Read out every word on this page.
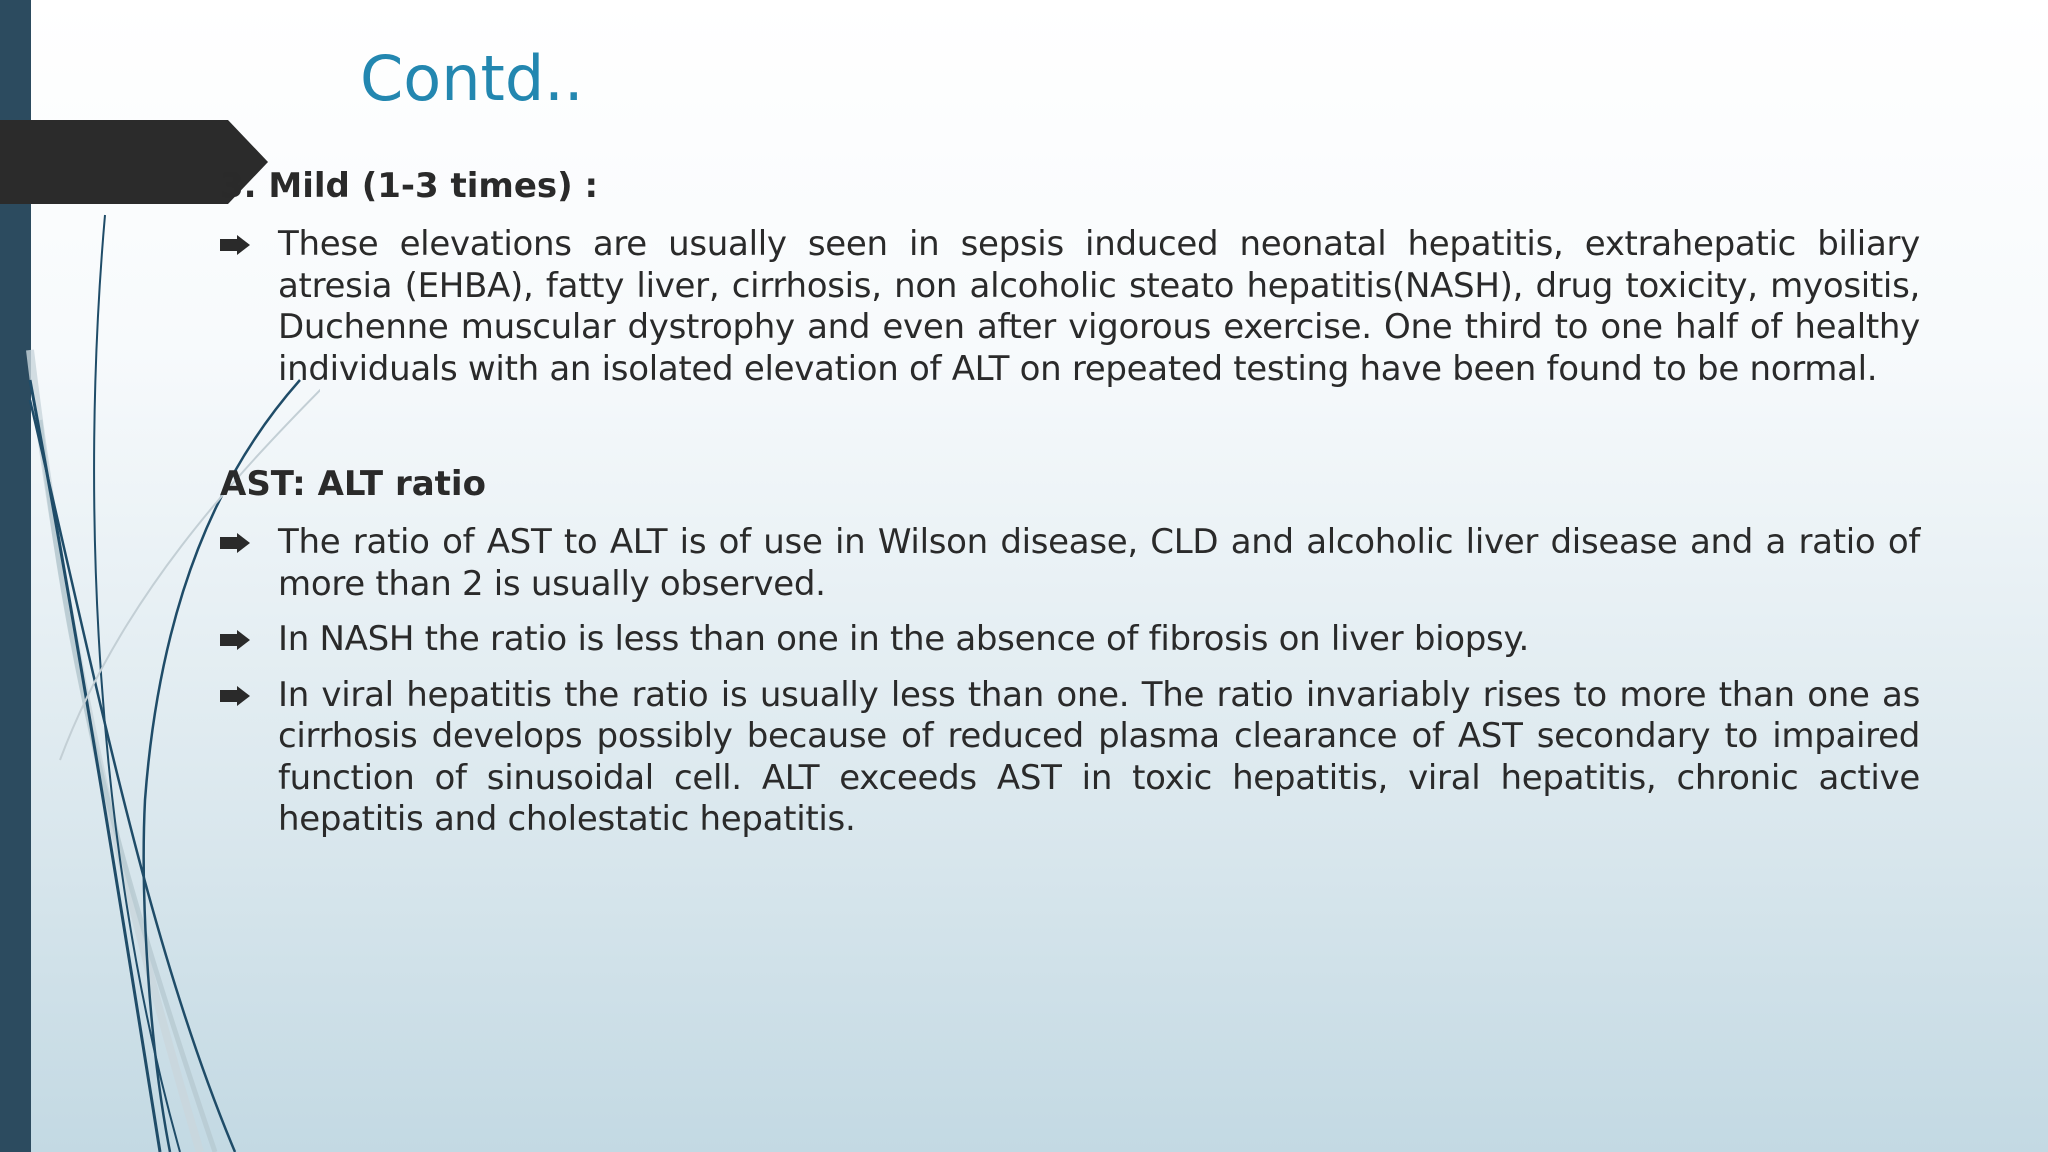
Contd..

3. Mild (1-3 times) :

These elevations are usually seen in sepsis induced neonatal hepatitis, extrahepatic biliary atresia (EHBA), fatty liver, cirrhosis, non alcoholic steato hepatitis(NASH), drug toxicity, myositis, Duchenne muscular dystrophy and even after vigorous exercise. One third to one half of healthy individuals with an isolated elevation of ALT on repeated testing have been found to be normal.

AST: ALT ratio

The ratio of AST to ALT is of use in Wilson disease, CLD and alcoholic liver disease and a ratio of more than 2 is usually observed.
In NASH the ratio is less than one in the absence of fibrosis on liver biopsy.
In viral hepatitis the ratio is usually less than one. The ratio invariably rises to more than one as cirrhosis develops possibly because of reduced plasma clearance of AST secondary to impaired function of sinusoidal cell. ALT exceeds AST in toxic hepatitis, viral hepatitis, chronic active hepatitis and cholestatic hepatitis.
